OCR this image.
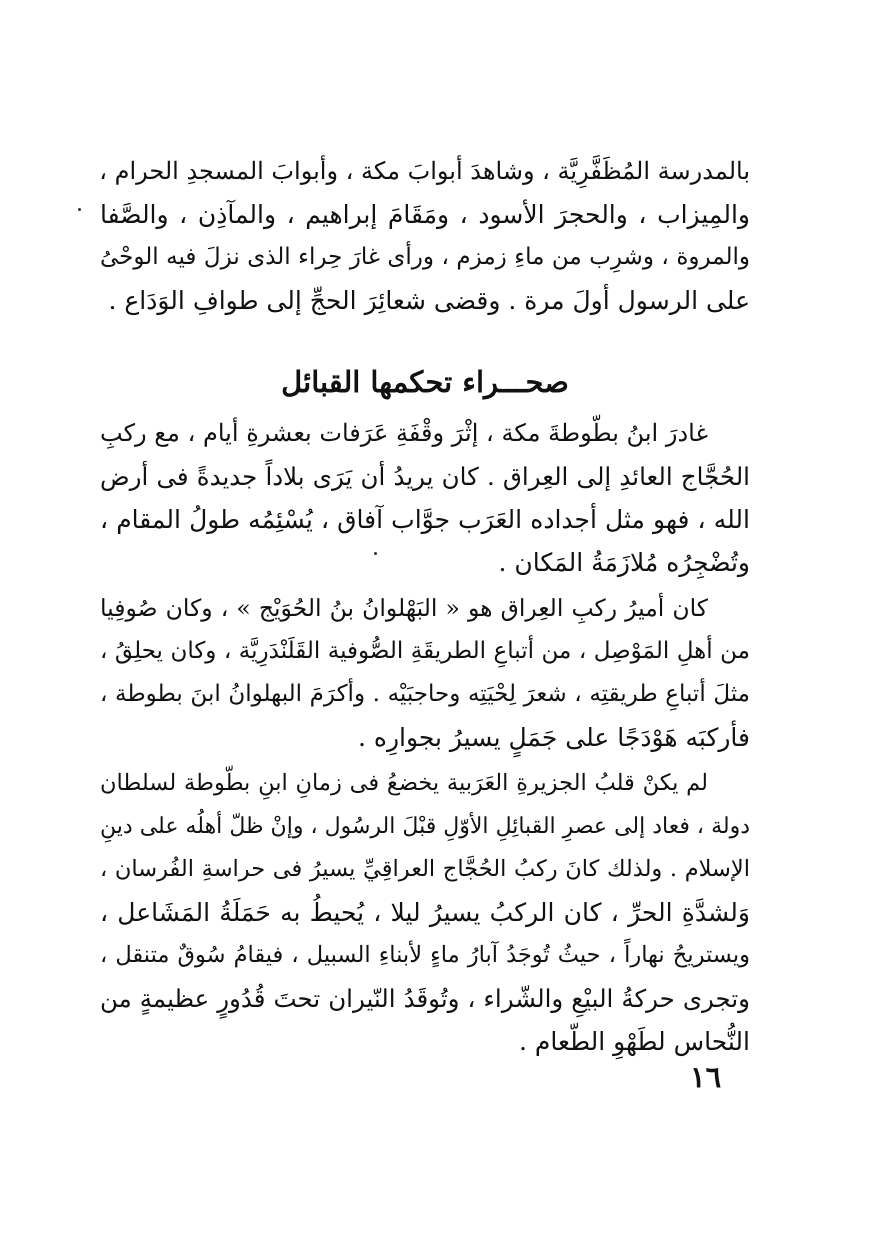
بالمدرسة المُظَفَّرِيَّة ، وشاهدَ أبوابَ مكة ، وأبوابَ المسجدِ الحرام ،
والمِيزاب ، والحجرَ الأسود ، ومَقَامَ إبراهيم ، والمآذِن ، والصَّفا
والمروة ، وشرِب من ماءِ زمزم ، ورأى غارَ حِراء الذى نزلَ فيه الوحْىُ
على الرسول أولَ مرة . وقضى شعائِرَ الحجِّ إلى طوافِ الوَدَاع .
صحـــراء تحكمها القبائل
غادرَ ابنُ بطّوطةَ مكة ، إثْرَ وقْفَةِ عَرَفات بعشرةِ أيام ، مع ركبِ
الحُجَّاج العائدِ إلى العِراق . كان يريدُ أن يَرَى بلاداً جديدةً فى أرض
الله ، فهو مثل أجداده العَرَب جوَّاب آفاق ، يُسْئِمُه طولُ المقام ،
وتُضْجِرُه مُلازَمَةُ المَكان .
كان أميرُ ركبِ العِراق هو « البَهْلوانُ بنُ الحُوَيْج » ، وكان صُوفِيا
من أهلِ المَوْصِل ، من أتباعِ الطريقَةِ الصُّوفية القَلَنْدَرِيَّة ، وكان يحلِقُ ،
مثلَ أتباعِ طريقتِه ، شعرَ لِحْيَتِه وحاجبَيْه . وأكرَمَ البهلوانُ ابنَ بطوطة ،
فأركبَه هَوْدَجًا على جَمَلٍ يسيرُ بجوارِه .
لم يكنْ قلبُ الجزيرةِ العَرَبية يخضعُ فى زمانِ ابنِ بطّوطة لسلطان
دولة ، فعاد إلى عصرِ القبائِلِ الأوّلِ قبْلَ الرسُول ، وإنْ ظلّ أهلُه على دينِ
الإسلام . ولذلك كانَ ركبُ الحُجَّاج العراقِيِّ يسيرُ فى حراسةِ الفُرسان ،
وَلشدَّةِ الحرِّ ، كان الركبُ يسيرُ ليلا ، يُحيطُ به حَمَلَةُ المَشَاعل ،
ويستريحُ نهاراً ، حيثُ تُوجَدُ آبارُ ماءٍ لأبناءِ السبيل ، فيقامُ سُوقٌ متنقل ،
وتجرى حركةُ البيْعِ والشّراء ، وتُوقَدُ النّيران تحتَ قُدُورٍ عظيمةٍ من
النُّحاس لطَهْوِ الطّعام .
١٦
